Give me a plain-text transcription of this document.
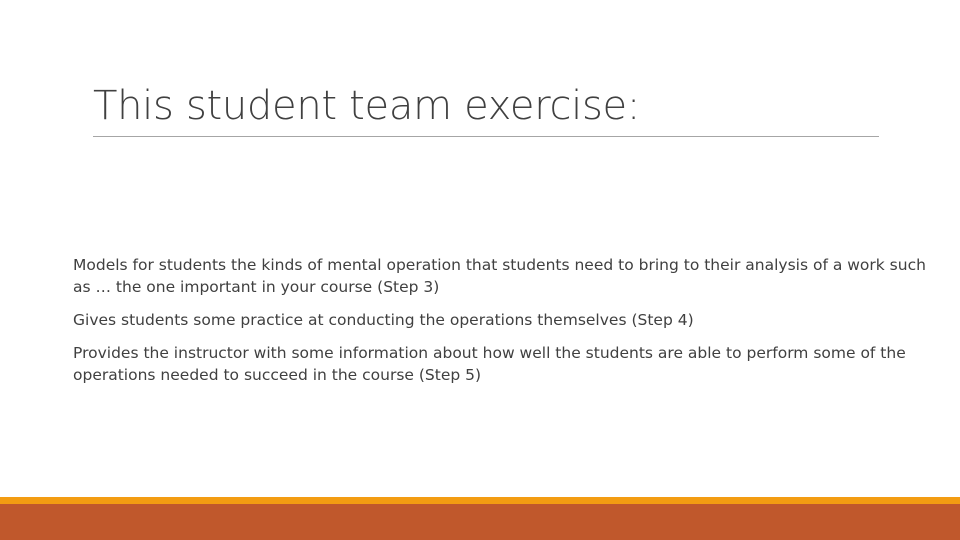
This student team exercise:

Models for students the kinds of mental operation that students need to bring to their analysis of a work such as … the one important in your course (Step 3)

Gives students some practice at conducting the operations themselves (Step 4)

Provides the instructor with some information about how well the students are able to perform some of the operations needed to succeed in the course (Step 5)
